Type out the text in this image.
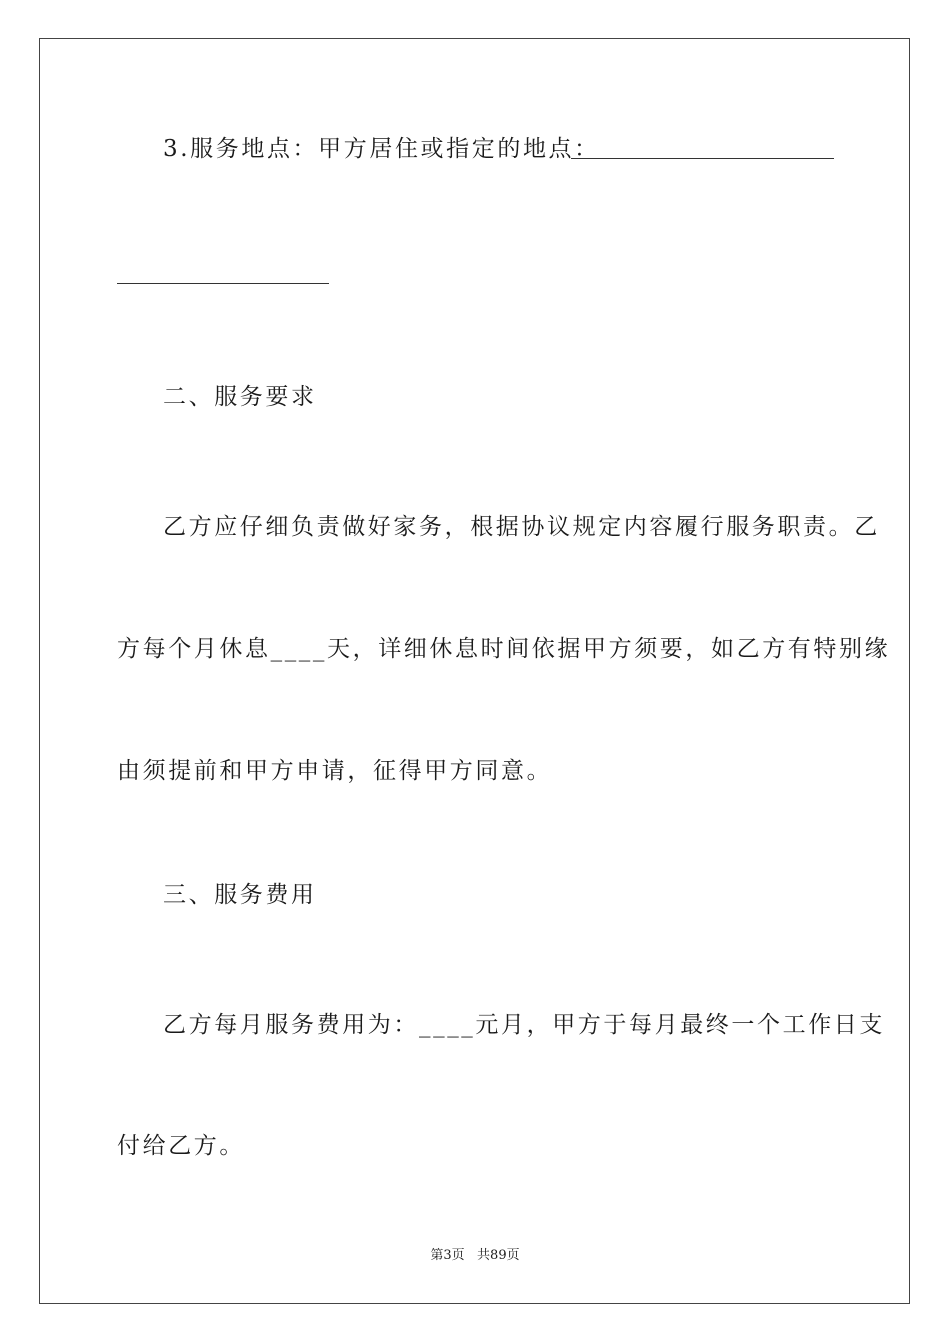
3.服务地点：甲方居住或指定的地点：
二、服务要求
乙方应仔细负责做好家务，根据协议规定内容履行服务职责。乙
方每个月休息____天，详细休息时间依据甲方须要，如乙方有特别缘
由须提前和甲方申请，征得甲方同意。
三、服务费用
乙方每月服务费用为：____元月，甲方于每月最终一个工作日支
付给乙方。
第3页   共89页
